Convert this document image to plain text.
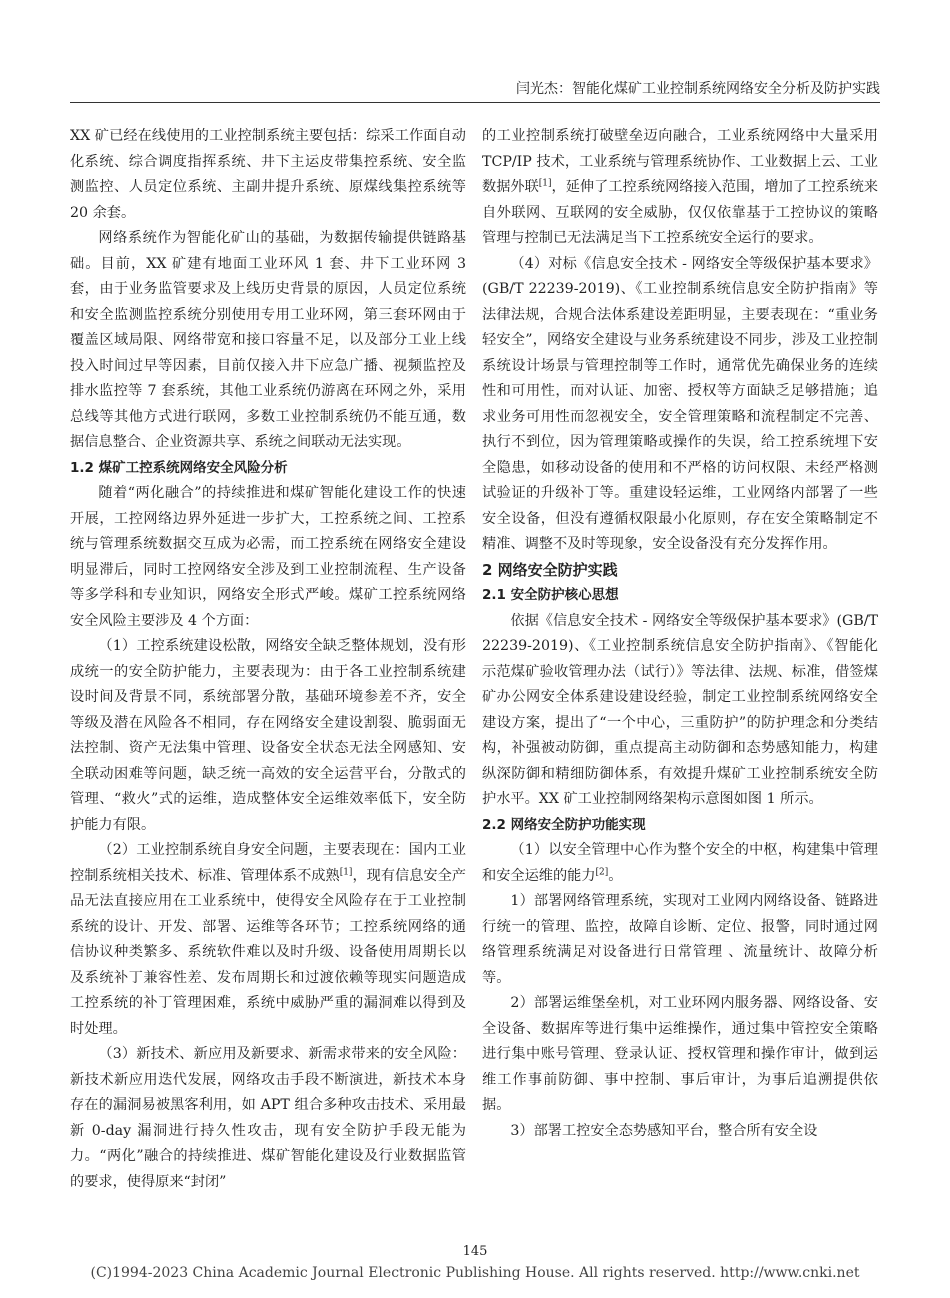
闫光杰：智能化煤矿工业控制系统网络安全分析及防护实践

XX 矿已经在线使用的工业控制系统主要包括：综采工作面自动化系统、综合调度指挥系统、井下主运皮带集控系统、安全监测监控、人员定位系统、主副井提升系统、原煤线集控系统等 20 余套。

网络系统作为智能化矿山的基础，为数据传输提供链路基础。目前，XX 矿建有地面工业环风 1 套、井下工业环网 3 套，由于业务监管要求及上线历史背景的原因，人员定位系统和安全监测监控系统分别使用专用工业环网，第三套环网由于覆盖区域局限、网络带宽和接口容量不足，以及部分工业上线投入时间过早等因素，目前仅接入井下应急广播、视频监控及排水监控等 7 套系统，其他工业系统仍游离在环网之外，采用总线等其他方式进行联网，多数工业控制系统仍不能互通，数据信息整合、企业资源共享、系统之间联动无法实现。

1.2 煤矿工控系统网络安全风险分析

随着“两化融合”的持续推进和煤矿智能化建设工作的快速开展，工控网络边界外延进一步扩大，工控系统之间、工控系统与管理系统数据交互成为必需，而工控系统在网络安全建设明显滞后，同时工控网络安全涉及到工业控制流程、生产设备等多学科和专业知识，网络安全形式严峻。煤矿工控系统网络安全风险主要涉及 4 个方面：

（1）工控系统建设松散，网络安全缺乏整体规划，没有形成统一的安全防护能力，主要表现为：由于各工业控制系统建设时间及背景不同，系统部署分散，基础环境参差不齐，安全等级及潜在风险各不相同，存在网络安全建设割裂、脆弱面无法控制、资产无法集中管理、设备安全状态无法全网感知、安全联动困难等问题，缺乏统一高效的安全运营平台，分散式的管理、“救火”式的运维，造成整体安全运维效率低下，安全防护能力有限。

（2）工业控制系统自身安全问题，主要表现在：国内工业控制系统相关技术、标准、管理体系不成熟[1]，现有信息安全产品无法直接应用在工业系统中，使得安全风险存在于工业控制系统的设计、开发、部署、运维等各环节；工控系统网络的通信协议种类繁多、系统软件难以及时升级、设备使用周期长以及系统补丁兼容性差、发布周期长和过渡依赖等现实问题造成工控系统的补丁管理困难，系统中威胁严重的漏洞难以得到及时处理。

（3）新技术、新应用及新要求、新需求带来的安全风险：新技术新应用迭代发展，网络攻击手段不断演进，新技术本身存在的漏洞易被黑客利用，如 APT 组合多种攻击技术、采用最新 0-day 漏洞进行持久性攻击，现有安全防护手段无能为力。“两化”融合的持续推进、煤矿智能化建设及行业数据监管的要求，使得原来“封闭”

的工业控制系统打破壁垒迈向融合，工业系统网络中大量采用 TCP/IP 技术，工业系统与管理系统协作、工业数据上云、工业数据外联[1]，延伸了工控系统网络接入范围，增加了工控系统来自外联网、互联网的安全威胁，仅仅依靠基于工控协议的策略管理与控制已无法满足当下工控系统安全运行的要求。

（4）对标《信息安全技术 - 网络安全等级保护基本要求》(GB/T 22239-2019)、《工业控制系统信息安全防护指南》等法律法规，合规合法体系建设差距明显，主要表现在：“重业务轻安全”，网络安全建设与业务系统建设不同步，涉及工业控制系统设计场景与管理控制等工作时，通常优先确保业务的连续性和可用性，而对认证、加密、授权等方面缺乏足够措施；追求业务可用性而忽视安全，安全管理策略和流程制定不完善、执行不到位，因为管理策略或操作的失误，给工控系统埋下安全隐患，如移动设备的使用和不严格的访问权限、未经严格测试验证的升级补丁等。重建设轻运维，工业网络内部署了一些安全设备，但没有遵循权限最小化原则，存在安全策略制定不精准、调整不及时等现象，安全设备没有充分发挥作用。

2 网络安全防护实践
2.1 安全防护核心思想

依据《信息安全技术 - 网络安全等级保护基本要求》(GB/T 22239-2019)、《工业控制系统信息安全防护指南》、《智能化示范煤矿验收管理办法（试行）》等法律、法规、标准，借签煤矿办公网安全体系建设建设经验，制定工业控制系统网络安全建设方案，提出了“一个中心，三重防护”的防护理念和分类结构，补强被动防御，重点提高主动防御和态势感知能力，构建纵深防御和精细防御体系，有效提升煤矿工业控制系统安全防护水平。XX 矿工业控制网络架构示意图如图 1 所示。

2.2 网络安全防护功能实现

（1）以安全管理中心作为整个安全的中枢，构建集中管理和安全运维的能力[2]。

1）部署网络管理系统，实现对工业网内网络设备、链路进行统一的管理、监控，故障自诊断、定位、报警，同时通过网络管理系统满足对设备进行日常管理 、流量统计、故障分析等。

2）部署运维堡垒机，对工业环网内服务器、网络设备、安全设备、数据库等进行集中运维操作，通过集中管控安全策略进行集中账号管理、登录认证、授权管理和操作审计，做到运维工作事前防御、事中控制、事后审计，为事后追溯提供依据。

3）部署工控安全态势感知平台，整合所有安全设

145
(C)1994-2023 China Academic Journal Electronic Publishing House. All rights reserved. http://www.cnki.net
